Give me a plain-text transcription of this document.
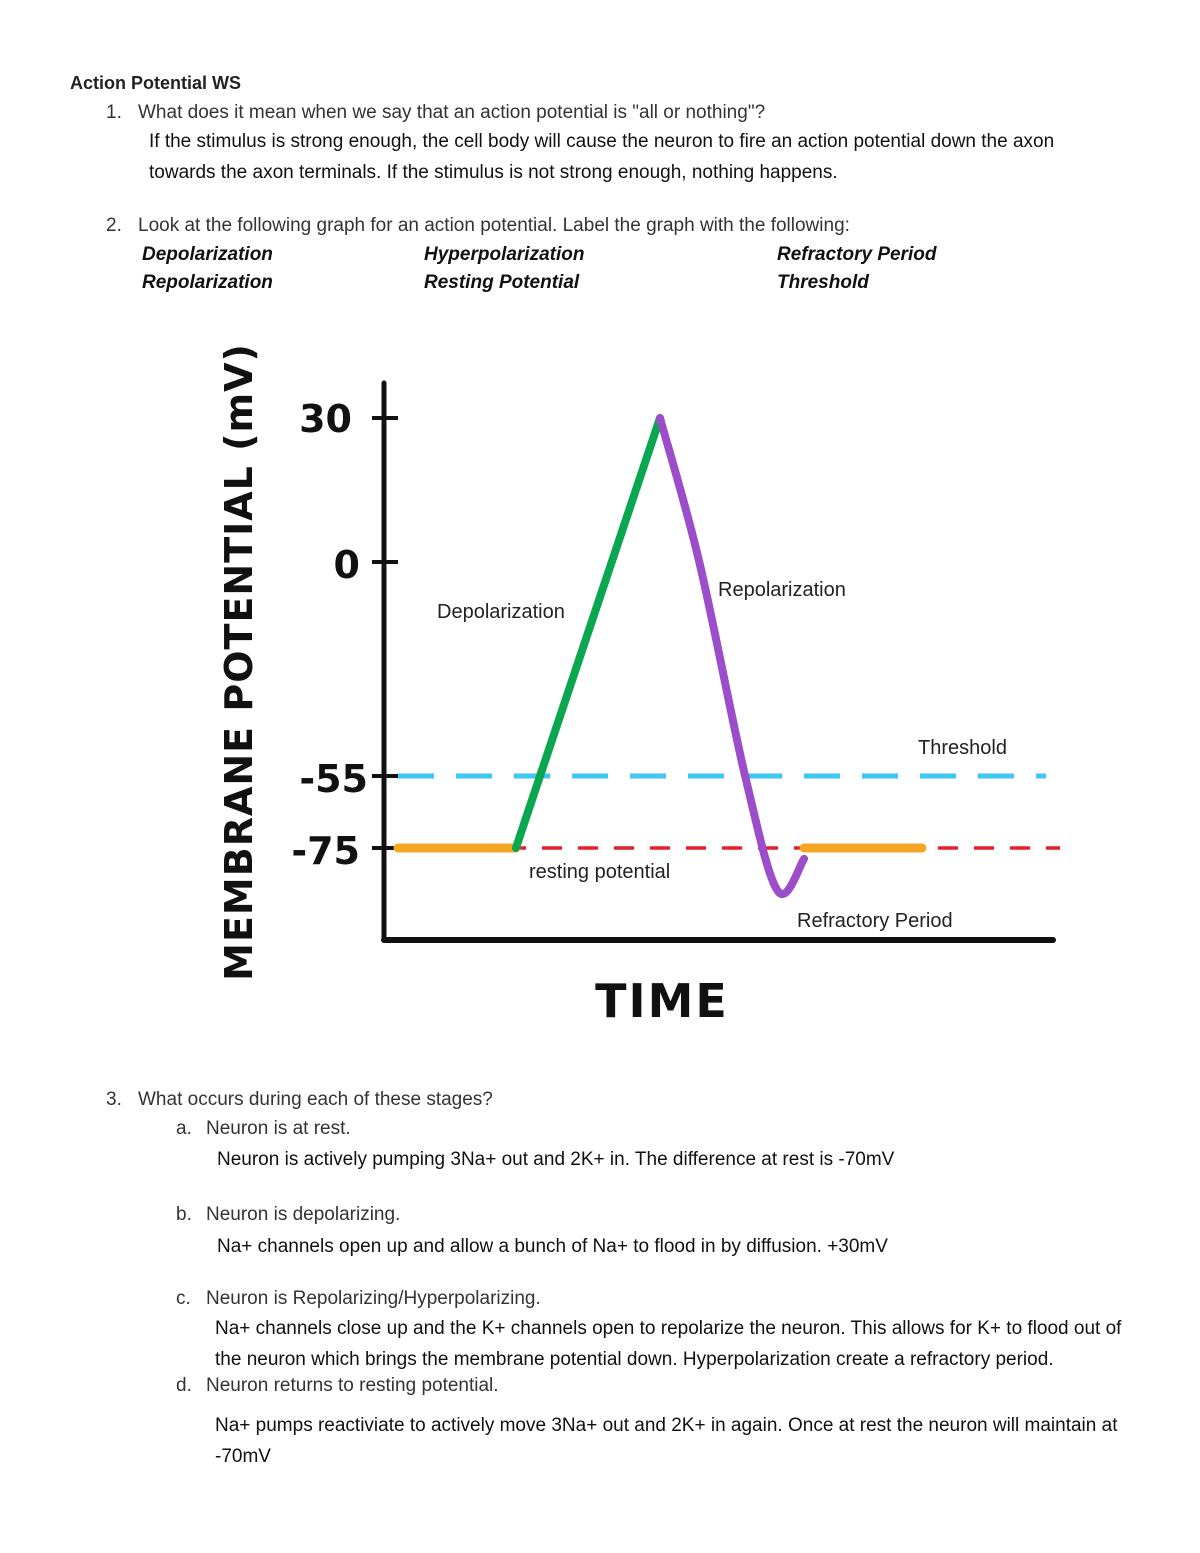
Action Potential WS
1. What does it mean when we say that an action potential is "all or nothing"?
If the stimulus is strong enough, the cell body will cause the neuron to fire an action potential down the axon
towards the axon terminals. If the stimulus is not strong enough, nothing happens.
2. Look at the following graph for an action potential. Label the graph with the following:
Depolarization	Hyperpolarization	Refractory Period
Repolarization	Resting Potential	Threshold
MEMBRANE POTENTIAL (mV) 30
0
-55
-75
Depolarization
Repolarization
Threshold
resting potential
Refractory Period
TIME
3. What occurs during each of these stages?
a. Neuron is at rest.
Neuron is actively pumping 3Na+ out and 2K+ in. The difference at rest is -70mV
b. Neuron is depolarizing.
Na+ channels open up and allow a bunch of Na+ to flood in by diffusion. +30mV
c. Neuron is Repolarizing/Hyperpolarizing.
Na+ channels close up and the K+ channels open to repolarize the neuron. This allows for K+ to flood out of
the neuron which brings the membrane potential down. Hyperpolarization create a refractory period.
d. Neuron returns to resting potential.
Na+ pumps reactiviate to actively move 3Na+ out and 2K+ in again. Once at rest the neuron will maintain at
-70mV
